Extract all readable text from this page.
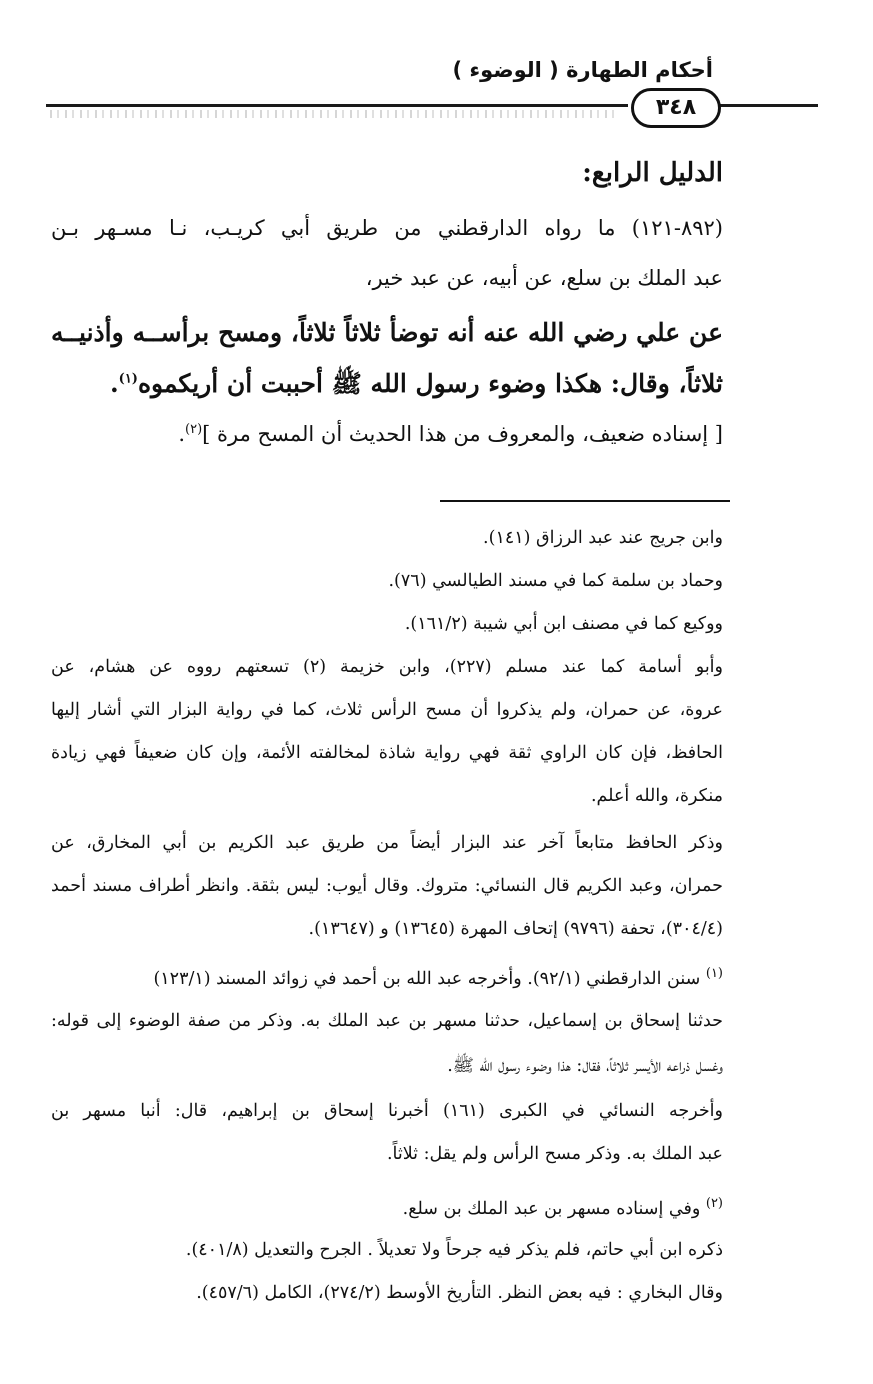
أحكام الطهارة ( الوضوء )
٣٤٨
الدليل الرابع:
(٨٩٢-١٢١) ما رواه الدارقطني من طريق أبي كريـب، نـا مسـهر بـن
عبد الملك بن سلع، عن أبيه، عن عبد خير،
عن علي رضي الله عنه أنه توضأ ثلاثاً ثلاثاً، ومسح برأســه وأذنيــه
ثلاثاً، وقال: هكذا وضوء رسول الله ﷺ أحببت أن أريكموه$^{(١)}$.
[ إسناده ضعيف، والمعروف من هذا الحديث أن المسح مرة ]$^{(٢)}$.
وابن جريج عند عبد الرزاق (١٤١).
وحماد بن سلمة كما في مسند الطيالسي (٧٦).
ووكيع كما في مصنف ابن أبي شيبة (١٦١/٢).
وأبو أسامة كما عند مسلم (٢٢٧)، وابن خزيمة (٢) تسعتهم رووه عن هشام، عن
عروة، عن حمران، ولم يذكروا أن مسح الرأس ثلاث، كما في رواية البزار التي أشار إليها
الحافظ، فإن كان الراوي ثقة فهي رواية شاذة لمخالفته الأئمة، وإن كان ضعيفاً فهي زيادة
منكرة، والله أعلم.
وذكر الحافظ متابعاً آخر عند البزار أيضاً من طريق عبد الكريم بن أبي المخارق، عن
حمران، وعبد الكريم قال النسائي: متروك. وقال أيوب: ليس بثقة. وانظر أطراف مسند أحمد
(٣٠٤/٤)، تحفة (٩٧٩٦) إتحاف المهرة (١٣٦٤٥) و (١٣٦٤٧).
$^{(١)}$ سنن الدارقطني (٩٢/١). وأخرجه عبد الله بن أحمد في زوائد المسند (١٢٣/١)
حدثنا إسحاق بن إسماعيل، حدثنا مسهر بن عبد الملك به. وذكر من صفة الوضوء إلى قوله:
وغسل ذراعه الأيسر ثلاثاً، فقال: هذا وضوء رسول الله ﷺ.
وأخرجه النسائي في الكبرى (١٦١) أخبرنا إسحاق بن إبراهيم، قال: أنبا مسهر بن
عبد الملك به. وذكر مسح الرأس ولم يقل: ثلاثاً.
$^{(٢)}$ وفي إسناده مسهر بن عبد الملك بن سلع.
ذكره ابن أبي حاتم، فلم يذكر فيه جرحاً ولا تعديلاً . الجرح والتعديل (٤٠١/٨).
وقال البخاري : فيه بعض النظر. التأريخ الأوسط (٢٧٤/٢)، الكامل (٤٥٧/٦).
